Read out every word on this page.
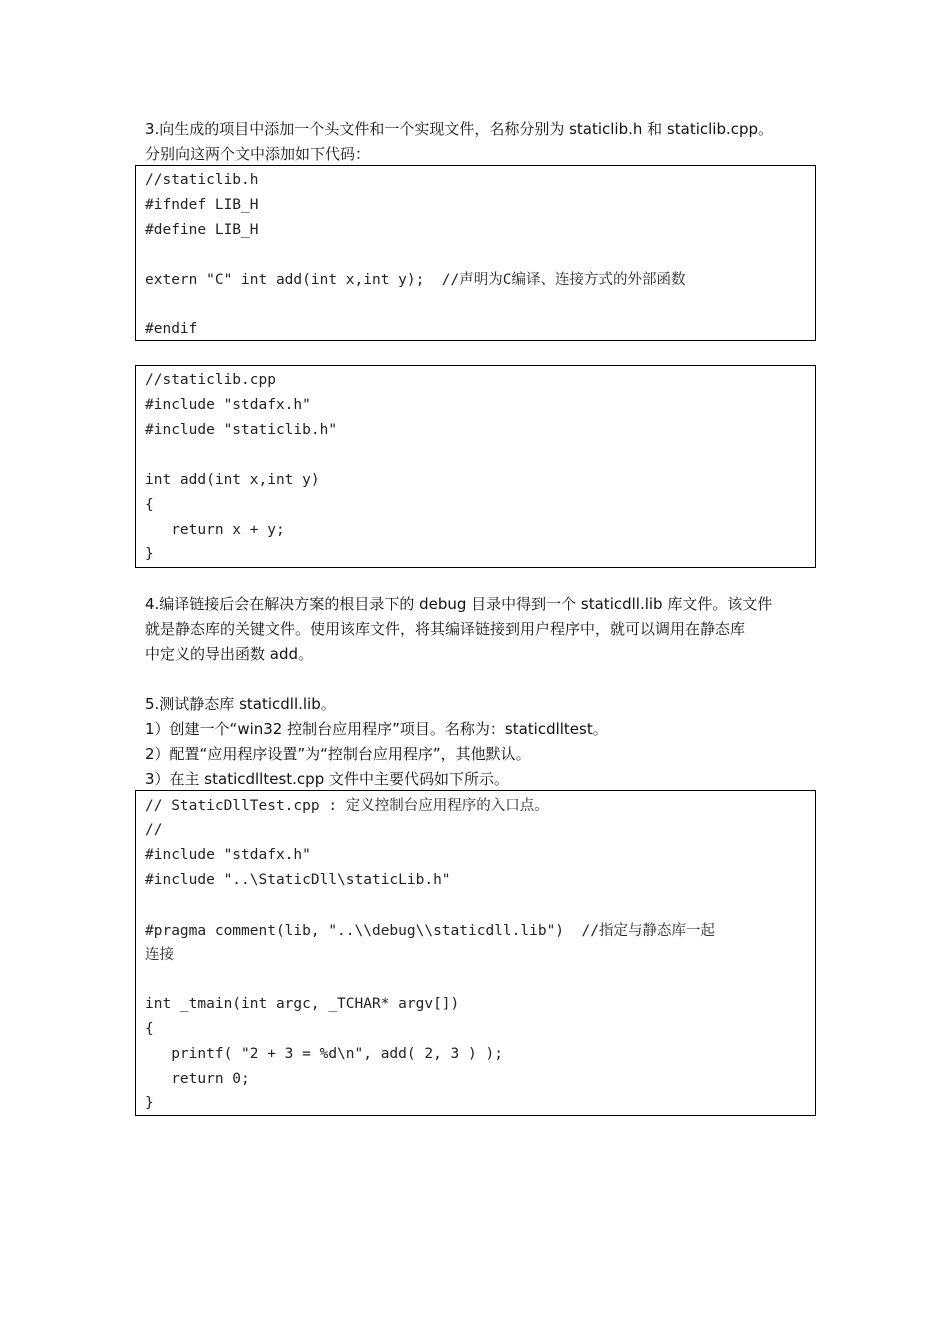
3.向生成的项目中添加一个头文件和一个实现文件，名称分别为 staticlib.h 和 staticlib.cpp。

分别向这两个文中添加如下代码：

//staticlib.h

#ifndef LIB_H

#define LIB_H

extern "C" int add(int x,int y);  //声明为C编译、连接方式的外部函数

#endif

//staticlib.cpp

#include "stdafx.h"

#include "staticlib.h"

int add(int x,int y)

{

return x + y;

}

4.编译链接后会在解决方案的根目录下的 debug 目录中得到一个 staticdll.lib 库文件。该文件

就是静态库的关键文件。使用该库文件，将其编译链接到用户程序中，就可以调用在静态库

中定义的导出函数 add。

5.测试静态库 staticdll.lib。

1）创建一个“win32 控制台应用程序”项目。名称为：staticdlltest。

2）配置“应用程序设置”为“控制台应用程序”，其他默认。

3）在主 staticdlltest.cpp 文件中主要代码如下所示。

// StaticDllTest.cpp : 定义控制台应用程序的入口点。

//

#include "stdafx.h"

#include "..\StaticDll\staticLib.h"

#pragma comment(lib, "..\\debug\\staticdll.lib")  //指定与静态库一起

连接

int _tmain(int argc, _TCHAR* argv[])

{

printf( "2 + 3 = %d\n", add( 2, 3 ) );

return 0;

}
